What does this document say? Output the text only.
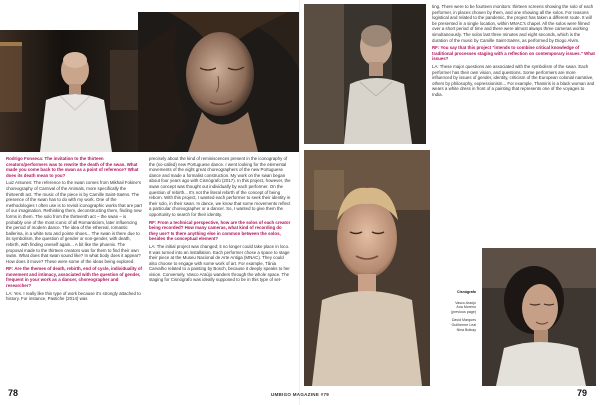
Rodrigo Fonseca: The invitation to the thirteen creators/performers was to rewrite the death of the swan. What made you come back to the swan as a point of reference? What does its death mean to you?

Luiz Antunes: The reference to the swan comes from Mikhail Fokine's choreography of Carnival of the Animals, more specifically the thirteenth act. The music of the piece is by Camille Saint-Saëns. The presence of the swan has to do with my work. One of the methodologies I often use is to revisit iconographic works that are part of our imagination. Rethinking them, deconstructing them, finding new forms in them. The solo from the thirteenth act – the swan – is probably one of the most iconic of all Romanticism, later influencing the period of modern dance. The idea of the ethereal, romantic ballerina, in a white tutu and pointe shoes... The swan is there due to its symbolism, the question of gender or non-gender, with death, rebirth, with finding oneself again... A bit like the phoenix. The proposal made to the thirteen creators was for them to find their own swan. What does that swan sound like? In what body does it appear? How does it move? These were some of the ideas being explored.

RF: Are the themes of death, rebirth, end of cycle, individuality of movement and intimacy, associated with the question of gender, frequent in your work as a dancer, choreographer and researcher?

LA: Yes. I really like this type of work because it's strongly attached to history. For instance, Pastiche (2014) was

precisely about the kind of reminiscences present in the iconography of the (so-called) new Portuguese dance. I went looking for the elemental movements of the eight great choreographers of the new Portuguese dance and made a formalist construction. My work on the swan began about four years ago with Cisnógrafo (2017). In this project, however, the swan concept was thought out individually by each performer. On the question of rebirth... It's not the literal rebirth of the concept of being reborn. With this project, I wanted each performer to seek their identity in their solo, in their swan. In dance, we know that some movements reflect a particular choreographer or a dancer. So, I wanted to give them the opportunity to search for their identity.

RF: From a technical perspective, how are the solos of each creator being recorded? How many cameras, what kind of recording do they use? Is there anything else in common between the solos, besides the conceptual element?

LA: The initial project was changed; it no longer could take place in loco. It was turned into an installation. Each performer chose a space to stage their piece at the Museu Nacional de Arte Antiga (MNAC). They could also choose to engage with some work of art. For example, Tânia Carvalho related to a painting by Bosch, because it deeply speaks to her vision. Conversely, Vasco Araújo wanders through the whole space. The staging for Cisnógrafo was ideally supposed to be in this type of set-

78

ting. There were to be fourteen monitors: thirteen screens showing the solo of each performer, in places chosen by them, and one showing all the solos. For reasons logistical and related to the pandemic, the project has taken a different route. It will be presented in a single location, within MNAC's chapel. All the solos were filmed over a short period of time and there were almost always three cameras working simultaneously. The solos last three minutes and eight seconds, which is the duration of the music by Camille Saint-Saëns, as performed by Diogo Alvim.

RF: You say that this project "intends to combine critical knowledge of traditional processes staging with a reflection on contemporary issues." What issues?

LA: These major questions are associated with the symbolism of the swan. Each performer has their own vision, and questions. Some performers are more influenced by issues of gender, identity, criticism of the European colonial narrative, others by philosophy, expressionism... For example, Thamiris is a black woman and wears a white dress in front of a painting that represents one of the voyages to India.

Cisnógrafo
Vasco Araújo
Ana Moreno
(previous page)
David Marques
Guilherme Leal
Nina Botkay
79
UMBIGO MAGAZINE #79
